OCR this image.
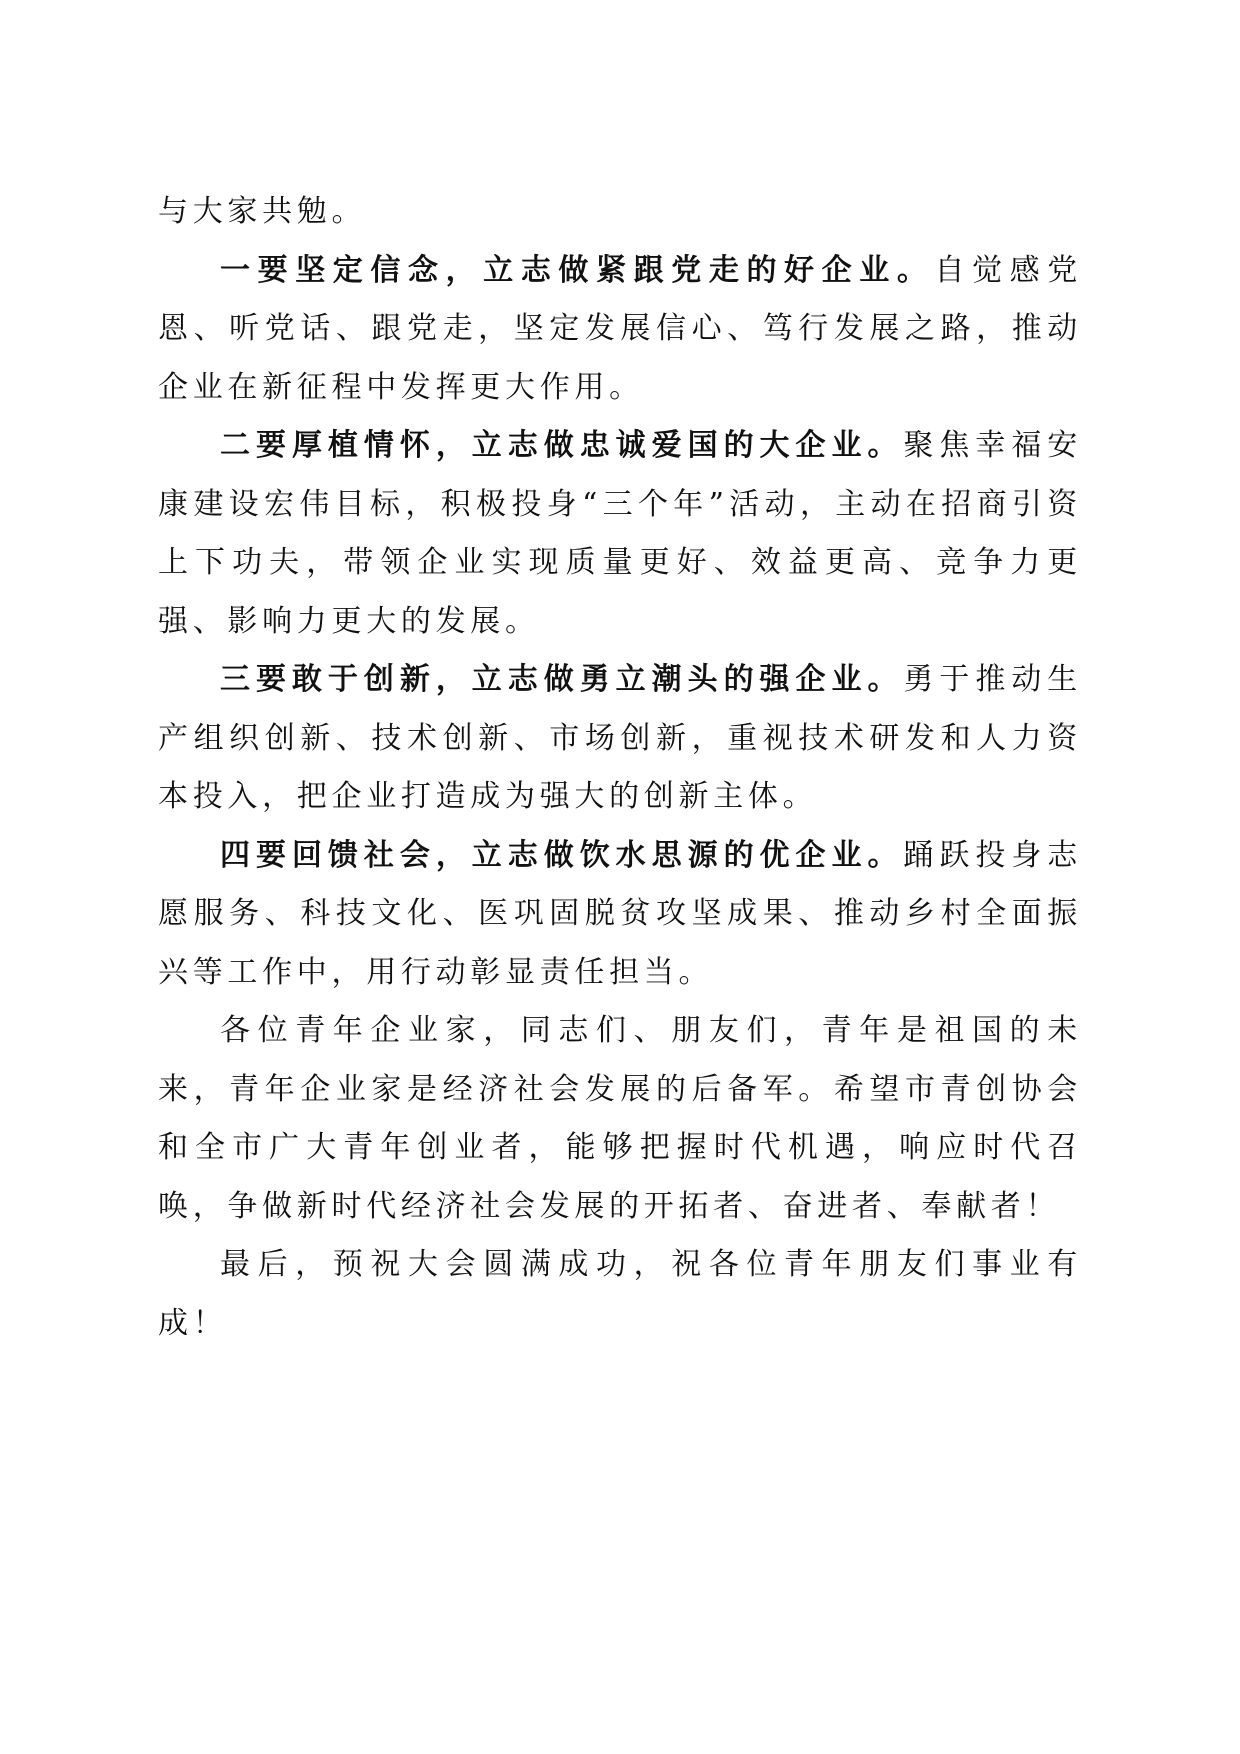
与大家共勉。

一要坚定信念，立志做紧跟党走的好企业。自觉感党恩、听党话、跟党走，坚定发展信心、笃行发展之路，推动企业在新征程中发挥更大作用。

二要厚植情怀，立志做忠诚爱国的大企业。聚焦幸福安康建设宏伟目标，积极投身“三个年”活动，主动在招商引资上下功夫，带领企业实现质量更好、效益更高、竞争力更强、影响力更大的发展。

三要敢于创新，立志做勇立潮头的强企业。勇于推动生产组织创新、技术创新、市场创新，重视技术研发和人力资本投入，把企业打造成为强大的创新主体。

四要回馈社会，立志做饮水思源的优企业。踊跃投身志愿服务、科技文化、医巩固脱贫攻坚成果、推动乡村全面振兴等工作中，用行动彰显责任担当。

各位青年企业家，同志们、朋友们，青年是祖国的未来，青年企业家是经济社会发展的后备军。希望市青创协会和全市广大青年创业者，能够把握时代机遇，响应时代召唤，争做新时代经济社会发展的开拓者、奋进者、奉献者！

最后，预祝大会圆满成功，祝各位青年朋友们事业有成！
